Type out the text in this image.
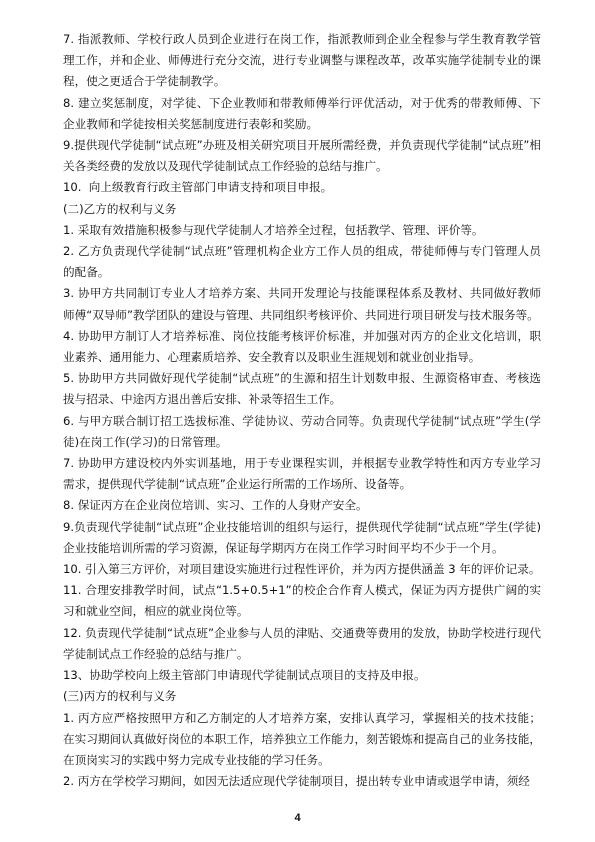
7. 指派教师、学校行政人员到企业进行在岗工作，指派教师到企业全程参与学生教育教学管理工作，并和企业、师傅进行充分交流，进行专业调整与课程改革，改革实施学徒制专业的课程，使之更适合于学徒制教学。

8. 建立奖惩制度，对学徒、下企业教师和带教师傅举行评优活动，对于优秀的带教师傅、下企业教师和学徒按相关奖惩制度进行表彰和奖励。

9.提供现代学徒制“试点班”办班及相关研究项目开展所需经费，并负责现代学徒制“试点班”相关各类经费的发放以及现代学徒制试点工作经验的总结与推广。

10.  向上级教育行政主管部门申请支持和项目申报。

(二)乙方的权利与义务

1. 采取有效措施积极参与现代学徒制人才培养全过程，包括教学、管理、评价等。

2. 乙方负责现代学徒制“试点班”管理机构企业方工作人员的组成，带徒师傅与专门管理人员的配备。

3. 协甲方共同制订专业人才培养方案、共同开发理论与技能课程体系及教材、共同做好教师师傅“双导师”教学团队的建设与管理、共同组织考核评价、共同进行项目研发与技术服务等。

4. 协助甲方制订人才培养标准、岗位技能考核评价标准，并加强对丙方的企业文化培训，职业素养、通用能力、心理素质培养、安全教育以及职业生涯规划和就业创业指导。

5. 协助甲方共同做好现代学徒制“试点班”的生源和招生计划数申报、生源资格审查、考核选拔与招录、中途丙方退出善后安排、补录等招生工作。

6. 与甲方联合制订招工选拔标准、学徒协议、劳动合同等。负责现代学徒制“试点班”学生(学徒)在岗工作(学习)的日常管理。

7. 协助甲方建设校内外实训基地，用于专业课程实训，并根据专业教学特性和丙方专业学习需求，提供现代学徒制“试点班”企业运行所需的工作场所、设备等。

8. 保证丙方在企业岗位培训、实习、工作的人身财产安全。

9.负责现代学徒制“试点班”企业技能培训的组织与运行，提供现代学徒制“试点班”学生(学徒)企业技能培训所需的学习资源，保证每学期丙方在岗工作学习时间平均不少于一个月。

10. 引入第三方评价，对项目建设实施进行过程性评价，并为丙方提供涵盖 3 年的评价记录。

11. 合理安排教学时间，试点“1.5+0.5+1”的校企合作育人模式，保证为丙方提供广阔的实习和就业空间，相应的就业岗位等。

12. 负责现代学徒制“试点班”企业参与人员的津贴、交通费等费用的发放，协助学校进行现代学徒制试点工作经验的总结与推广。

13、协助学校向上级主管部门申请现代学徒制试点项目的支持及申报。

(三)丙方的权利与义务

1. 丙方应严格按照甲方和乙方制定的人才培养方案，安排认真学习，掌握相关的技术技能；在实习期间认真做好岗位的本职工作，培养独立工作能力，刻苦锻炼和提高自己的业务技能，在顶岗实习的实践中努力完成专业技能的学习任务。

2. 丙方在学校学习期间，如因无法适应现代学徒制项目，提出转专业申请或退学申请，须经

4
